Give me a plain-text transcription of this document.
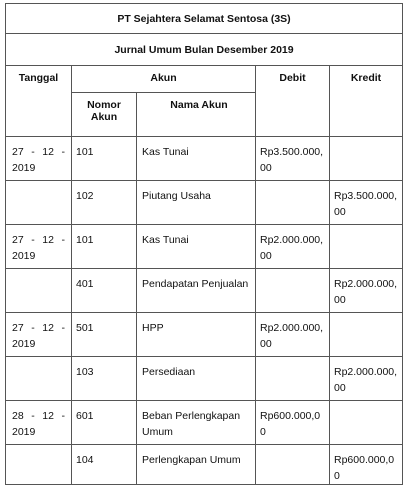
PT Sejahtera Selamat Sentosa (3S)				
Jurnal Umum Bulan Desember 2019				
Tanggal	Akun		Debit	Kredit
	Nomor Akun	Nama Akun		

27 - 12 -
2019	101	Kas Tunai	Rp3.500.000,00	
	102	Piutang Usaha		Rp3.500.000,00

27 - 12 -
2019	101	Kas Tunai	Rp2.000.000,00	
	401	Pendapatan Penjualan		Rp2.000.000,00

27 - 12 -
2019	501	HPP	Rp2.000.000,00	
	103	Persediaan		Rp2.000.000,00

28 - 12 -
2019	601	Beban Perlengkapan Umum	Rp600.000,00	
	104	Perlengkapan Umum		Rp600.000,00
